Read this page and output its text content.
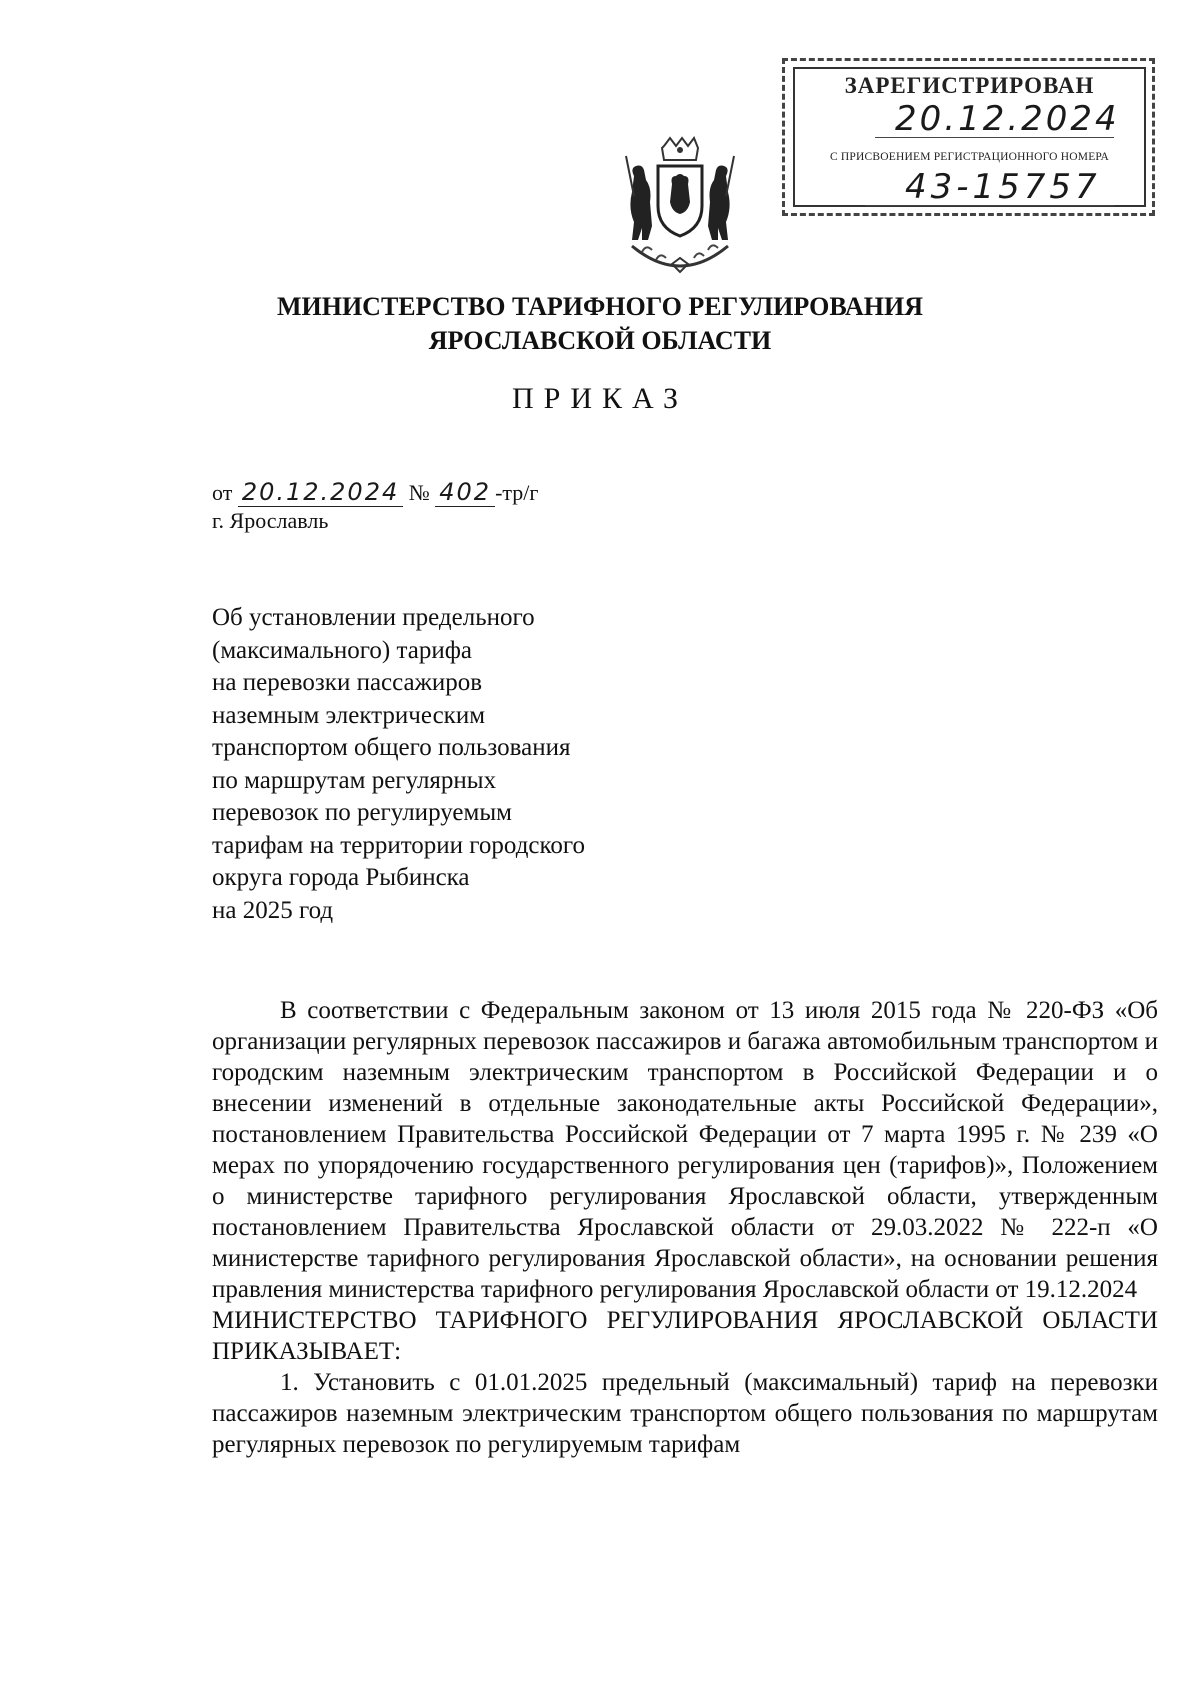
ЗАРЕГИСТРИРОВАН
20.12.2024
С ПРИСВОЕНИЕМ РЕГИСТРАЦИОННОГО НОМЕРА
43-15757
МИНИСТЕРСТВО ТАРИФНОГО РЕГУЛИРОВАНИЯ
ЯРОСЛАВСКОЙ ОБЛАСТИ
ПРИКАЗ
от 20.12.2024 № 402 -тр/г
г. Ярославль
Об установлении предельного
(максимального) тарифа
на перевозки пассажиров
наземным электрическим
транспортом общего пользования
по маршрутам регулярных
перевозок по регулируемым
тарифам на территории городского
округа города Рыбинска
на 2025 год

В соответствии с Федеральным законом от 13 июля 2015 года № 220-ФЗ «Об организации регулярных перевозок пассажиров и багажа автомобильным транспортом и городским наземным электрическим транспортом в Российской Федерации и о внесении изменений в отдельные законодательные акты Российской Федерации», постановлением Правительства Российской Федерации от 7 марта 1995 г. № 239 «О мерах по упорядочению государственного регулирования цен (тарифов)», Положением о министерстве тарифного регулирования Ярославской области, утвержденным постановлением Правительства Ярославской области от 29.03.2022 № 222-п «О министерстве тарифного регулирования Ярославской области», на основании решения правления министерства тарифного регулирования Ярославской области от 19.12.2024

МИНИСТЕРСТВО ТАРИФНОГО РЕГУЛИРОВАНИЯ ЯРОСЛАВСКОЙ ОБЛАСТИ ПРИКАЗЫВАЕТ:

1. Установить с 01.01.2025 предельный (максимальный) тариф на перевозки пассажиров наземным электрическим транспортом общего пользования по маршрутам регулярных перевозок по регулируемым тарифам
